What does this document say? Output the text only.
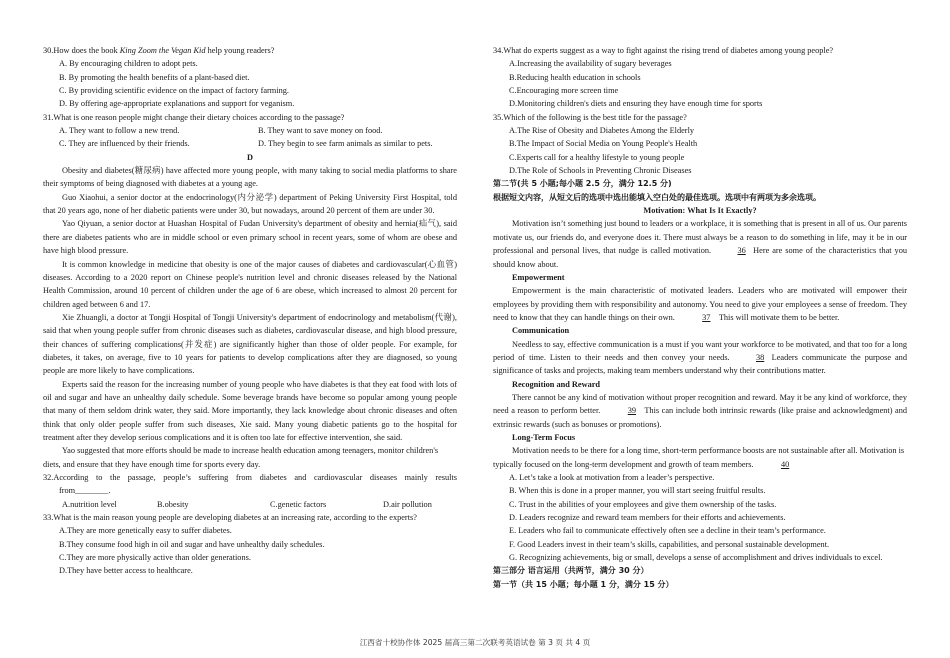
30.How does the book King Zoom the Vegan Kid help young readers?
A. By encouraging children to adopt pets.
B. By promoting the health benefits of a plant-based diet.
C. By providing scientific evidence on the impact of factory farming.
D. By offering age-appropriate explanations and support for veganism.
31.What is one reason people might change their dietary choices according to the passage?
A. They want to follow a new trend.	B. They want to save money on food.
C. They are influenced by their friends.	D. They begin to see farm animals as similar to pets.
D
Obesity and diabetes(糖尿病) have affected more young people, with many taking to social media platforms to share their symptoms of being diagnosed with diabetes at a young age.
Guo Xiaohui, a senior doctor at the endocrinology(内分泌学) department of Peking University First Hospital, told that 20 years ago, none of her diabetic patients were under 30, but nowadays, around 20 percent of them are under 30.
Yao Qiyuan, a senior doctor at Huashan Hospital of Fudan University's department of obesity and hernia(疝气), said there are diabetes patients who are in middle school or even primary school in recent years, some of whom are obese and have high blood pressure.
It is common knowledge in medicine that obesity is one of the major causes of diabetes and cardiovascular(心血管) diseases. According to a 2020 report on Chinese people's nutrition level and chronic diseases released by the National Health Commission, around 10 percent of children under the age of 6 are obese, which increased to almost 20 percent for children aged between 6 and 17.
Xie Zhuangli, a doctor at Tongji Hospital of Tongji University's department of endocrinology and metabolism(代谢), said that when young people suffer from chronic diseases such as diabetes, cardiovascular disease, and high blood pressure, their chances of suffering complications(并发症) are significantly higher than those of older people. For example, for diabetes, it takes, on average, five to 10 years for patients to develop complications after they are diagnosed, so young people are more likely to have complications.
Experts said the reason for the increasing number of young people who have diabetes is that they eat food with lots of oil and sugar and have an unhealthy daily schedule. Some beverage brands have become so popular among young people that many of them seldom drink water, they said. More importantly, they lack knowledge about chronic diseases and often think that only older people suffer from such diseases, Xie said. Many young diabetic patients go to the hospital for treatment after they develop serious complications and it is often too late for effective intervention, she said.
Yao suggested that more efforts should be made to increase health education among teenagers, monitor children's diets, and ensure that they have enough time for sports every day.
32.According to the passage, people’s suffering from diabetes and cardiovascular diseases mainly results
from________.
A.nutrition level	B.obesity	C.genetic factors	D.air pollution
33.What is the main reason young people are developing diabetes at an increasing rate, according to the experts?
A.They are more genetically easy to suffer diabetes.
B.They consume food high in oil and sugar and have unhealthy daily schedules.
C.They are more physically active than older generations.
D.They have better access to healthcare.
34.What do experts suggest as a way to fight against the rising trend of diabetes among young people?
A.Increasing the availability of sugary beverages
B.Reducing health education in schools
C.Encouraging more screen time
D.Monitoring children's diets and ensuring they have enough time for sports
35.Which of the following is the best title for the passage?
A.The Rise of Obesity and Diabetes Among the Elderly
B.The Impact of Social Media on Young People's Health
C.Experts call for a healthy lifestyle to young people
D.The Role of Schools in Preventing Chronic Diseases
第二节(共 5 小题;每小题 2.5 分，满分 12.5 分)
根据短文内容，从短文后的选项中选出能填入空白处的最佳选项。选项中有两项为多余选项。
Motivation: What Is It Exactly?
Motivation isn’t something just bound to leaders or a workplace, it is something that is present in all of us. Our parents motivate us, our friends do, and everyone does it. There must always be a reason to do something in life, may it be in our professional and personal lives, that nudge is called motivation.	36 Here are some of the characteristics that you should know about.
Empowerment
Empowerment is the main characteristic of motivated leaders. Leaders who are motivated will empower their employees by providing them with responsibility and autonomy. You need to give your employees a sense of freedom. They need to know that they can handle things on their own.	37 This will motivate them to be better.
Communication
Needless to say, effective communication is a must if you want your workforce to be motivated, and that too for a long period of time. Listen to their needs and then convey your needs.	38 Leaders communicate the purpose and significance of tasks and projects, making team members understand why their contributions matter.
Recognition and Reward
There cannot be any kind of motivation without proper recognition and reward. May it be any kind of workforce, they need a reason to perform better.	39 This can include both intrinsic rewards (like praise and acknowledgment) and extrinsic rewards (such as bonuses or promotions).
Long-Term Focus
Motivation needs to be there for a long time, short-term performance boosts are not sustainable after all. Motivation is typically focused on the long-term development and growth of team members.	40
A. Let’s take a look at motivation from a leader’s perspective.
B. When this is done in a proper manner, you will start seeing fruitful results.
C. Trust in the abilities of your employees and give them ownership of the tasks.
D. Leaders recognize and reward team members for their efforts and achievements.
E. Leaders who fail to communicate effectively often see a decline in their team’s performance.
F. Good Leaders invest in their team’s skills, capabilities, and personal sustainable development.
G. Recognizing achievements, big or small, develops a sense of accomplishment and drives individuals to excel.
第三部分 语言运用（共两节，满分 30 分）
第一节（共 15 小题；每小题 1 分，满分 15 分）
江西省十校协作体 2025 届高三第二次联考英语试卷 第 3 页 共 4 页
